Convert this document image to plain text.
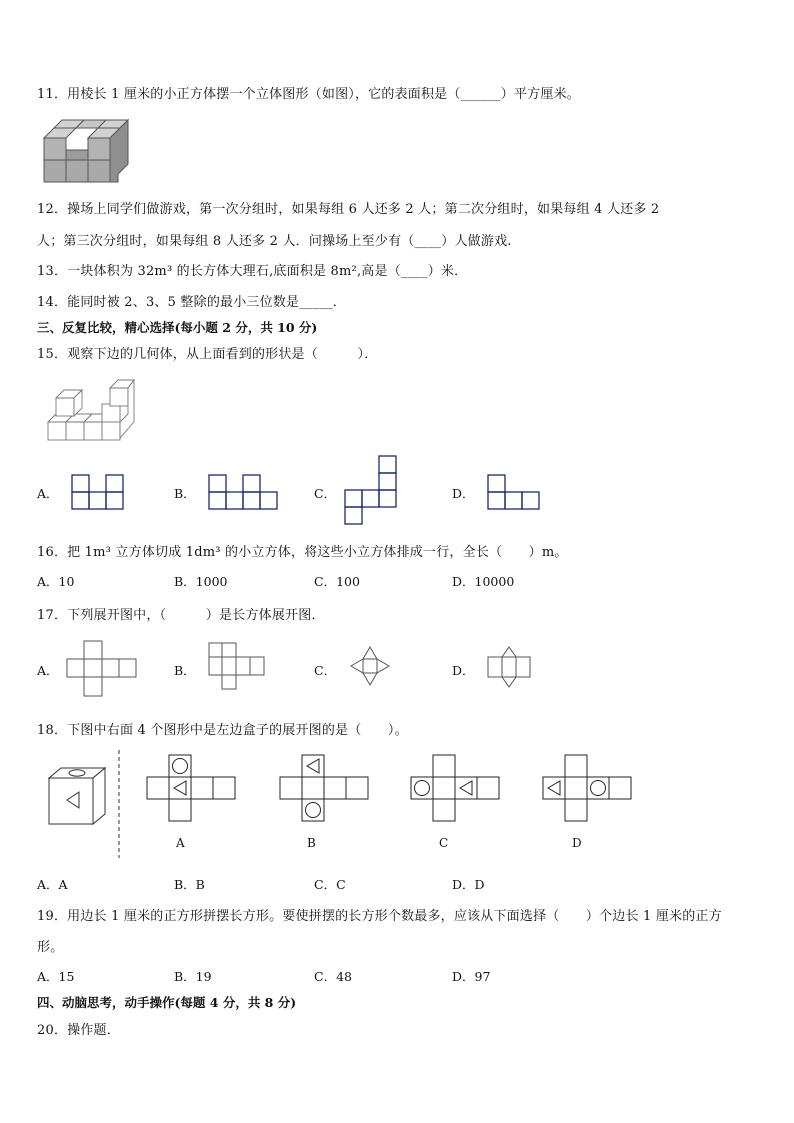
11．用棱长 1 厘米的小正方体摆一个立体图形（如图），它的表面积是（______）平方厘米。
12．操场上同学们做游戏，第一次分组时，如果每组 6 人还多 2 人；第二次分组时，如果每组 4 人还多 2
人；第三次分组时，如果每组 8 人还多 2 人．问操场上至少有（____）人做游戏.
13．一块体积为 32m³ 的长方体大理石,底面积是 8m²,高是（____）米．
14．能同时被 2、3、5 整除的最小三位数是_____．
三、反复比较，精心选择(每小题 2 分，共 10 分)
15．观察下边的几何体，从上面看到的形状是（　　　）．
A．	B．	C．	D．
16．把 1m³ 立方体切成 1dm³ 的小立方体，将这些小立方体排成一行，全长（　　）m。
A．10	B．1000	C．100	D．10000
17．下列展开图中，（　　　）是长方体展开图．
A．	B．	C．	D．
18．下图中右面 4 个图形中是左边盒子的展开图的是（　　）。
A	B	C	D
A．A	B．B	C．C	D．D
19．用边长 1 厘米的正方形拼摆长方形。要使拼摆的长方形个数最多，应该从下面选择（　　）个边长 1 厘米的正方
形。
A．15	B．19	C．48	D．97
四、动脑思考，动手操作(每题 4 分，共 8 分)
20．操作题．
